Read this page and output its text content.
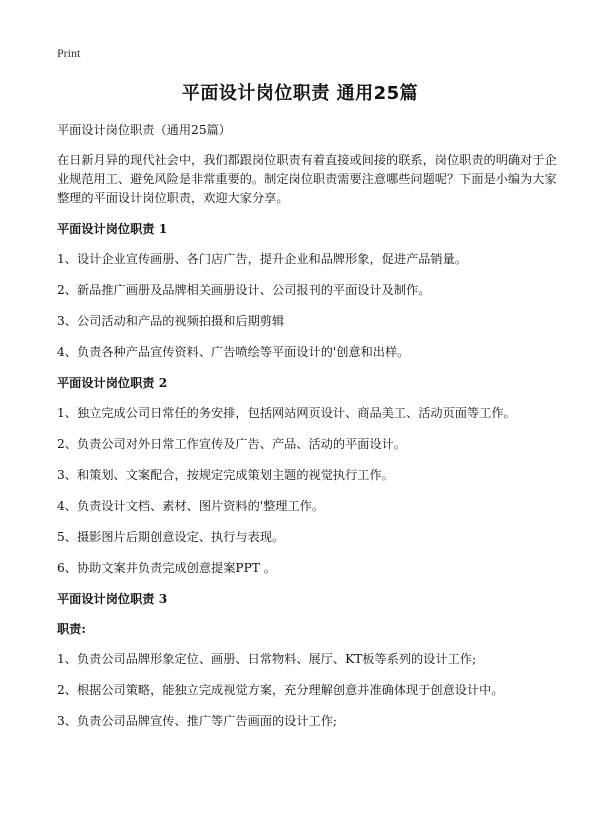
Print
平面设计岗位职责 通用25篇

平面设计岗位职责（通用25篇）

在日新月异的现代社会中，我们都跟岗位职责有着直接或间接的联系，岗位职责的明确对于企业规范用工、避免风险是非常重要的。制定岗位职责需要注意哪些问题呢？下面是小编为大家整理的平面设计岗位职责，欢迎大家分享。

平面设计岗位职责 1

1、设计企业宣传画册、各门店广告，提升企业和品牌形象，促进产品销量。

2、新品推广画册及品牌相关画册设计、公司报刊的平面设计及制作。

3、公司活动和产品的视频拍摄和后期剪辑

4、负责各种产品宣传资料、广告喷绘等平面设计的'创意和出样。

平面设计岗位职责 2

1、独立完成公司日常任的务安排，包括网站网页设计、商品美工、活动页面等工作。

2、负责公司对外日常工作宣传及广告、产品、活动的平面设计。

3、和策划、文案配合，按规定完成策划主题的视觉执行工作。

4、负责设计文档、素材、图片资料的'整理工作。

5、摄影图片后期创意设定、执行与表现。

6、协助文案并负责完成创意提案PPT 。

平面设计岗位职责 3

职责:

1、负责公司品牌形象定位、画册、日常物料、展厅、KT板等系列的设计工作;

2、根据公司策略，能独立完成视觉方案，充分理解创意并准确体现于创意设计中。

3、负责公司品牌宣传、推广等广告画面的设计工作;
